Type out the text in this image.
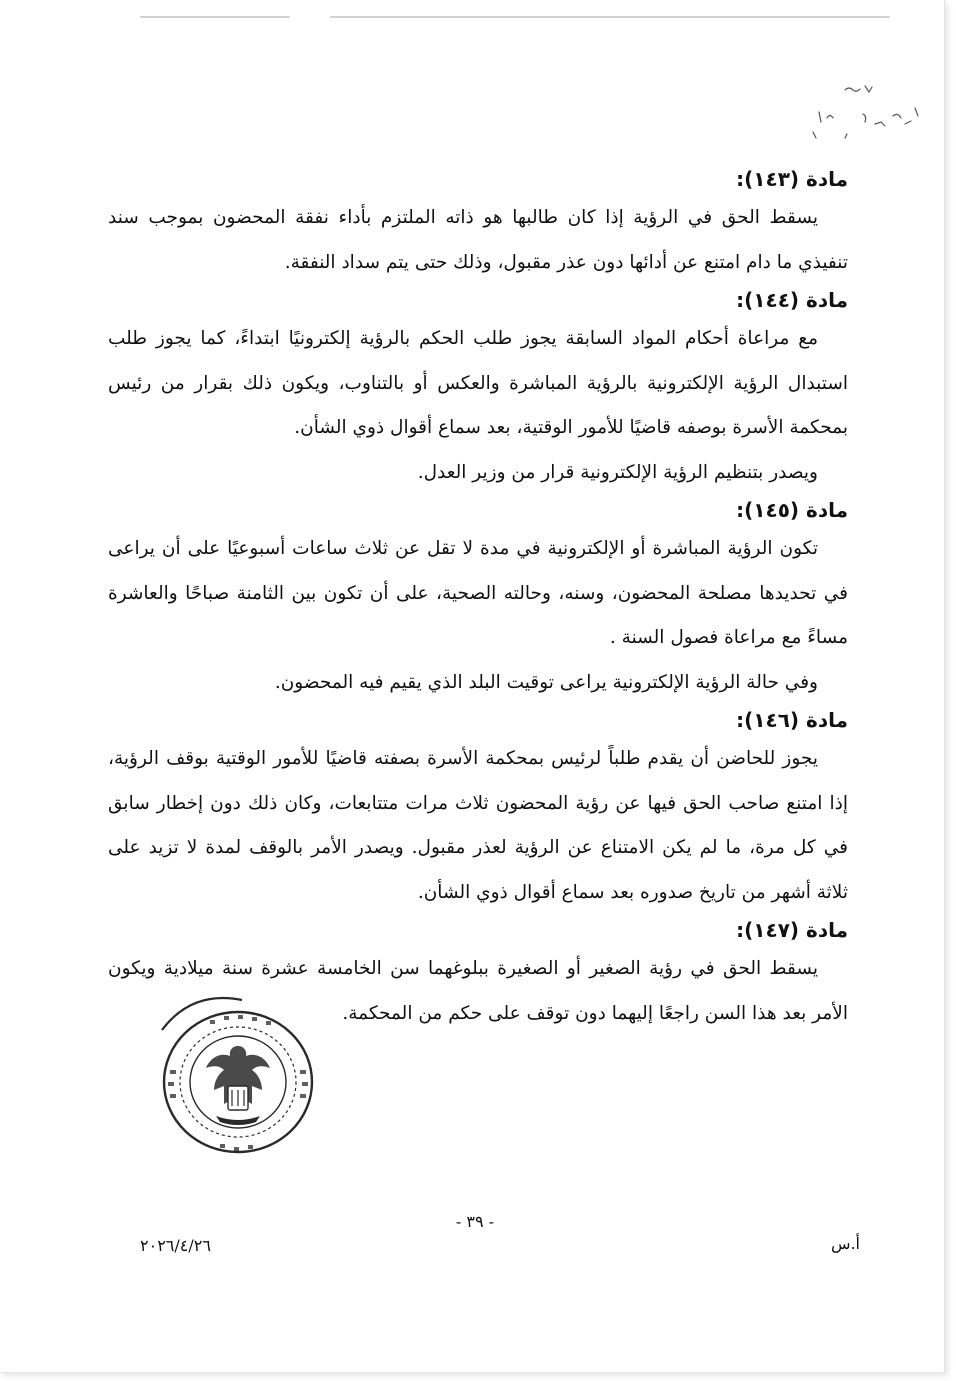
مادة (١٤٣):

يسقط الحق في الرؤية إذا كان طالبها هو ذاته الملتزم بأداء نفقة المحضون بموجب سند تنفيذي ما دام امتنع عن أدائها دون عذر مقبول، وذلك حتى يتم سداد النفقة.

مادة (١٤٤):

مع مراعاة أحكام المواد السابقة يجوز طلب الحكم بالرؤية إلكترونيًا ابتداءً، كما يجوز طلب استبدال الرؤية الإلكترونية بالرؤية المباشرة والعكس أو بالتناوب، ويكون ذلك بقرار من رئيس بمحكمة الأسرة بوصفه قاضيًا للأمور الوقتية، بعد سماع أقوال ذوي الشأن.

ويصدر بتنظيم الرؤية الإلكترونية قرار من وزير العدل.

مادة (١٤٥):

تكون الرؤية المباشرة أو الإلكترونية في مدة لا تقل عن ثلاث ساعات أسبوعيًا على أن يراعى في تحديدها مصلحة المحضون، وسنه، وحالته الصحية، على أن تكون بين الثامنة صباحًا والعاشرة مساءً مع مراعاة فصول السنة .

وفي حالة الرؤية الإلكترونية يراعى توقيت البلد الذي يقيم فيه المحضون.

مادة (١٤٦):

يجوز للحاضن أن يقدم طلباً لرئيس بمحكمة الأسرة بصفته قاضيًا للأمور الوقتية بوقف الرؤية، إذا امتنع صاحب الحق فيها عن رؤية المحضون ثلاث مرات متتابعات، وكان ذلك دون إخطار سابق في كل مرة، ما لم يكن الامتناع عن الرؤية لعذر مقبول. ويصدر الأمر بالوقف لمدة لا تزيد على ثلاثة أشهر من تاريخ صدوره بعد سماع أقوال ذوي الشأن.

مادة (١٤٧):

يسقط الحق في رؤية الصغير أو الصغيرة ببلوغهما سن الخامسة عشرة سنة ميلادية ويكون الأمر بعد هذا السن راجعًا إليهما دون توقف على حكم من المحكمة.

- ٣٩ -
أ.س
٢٠٢٦/٤/٢٦
